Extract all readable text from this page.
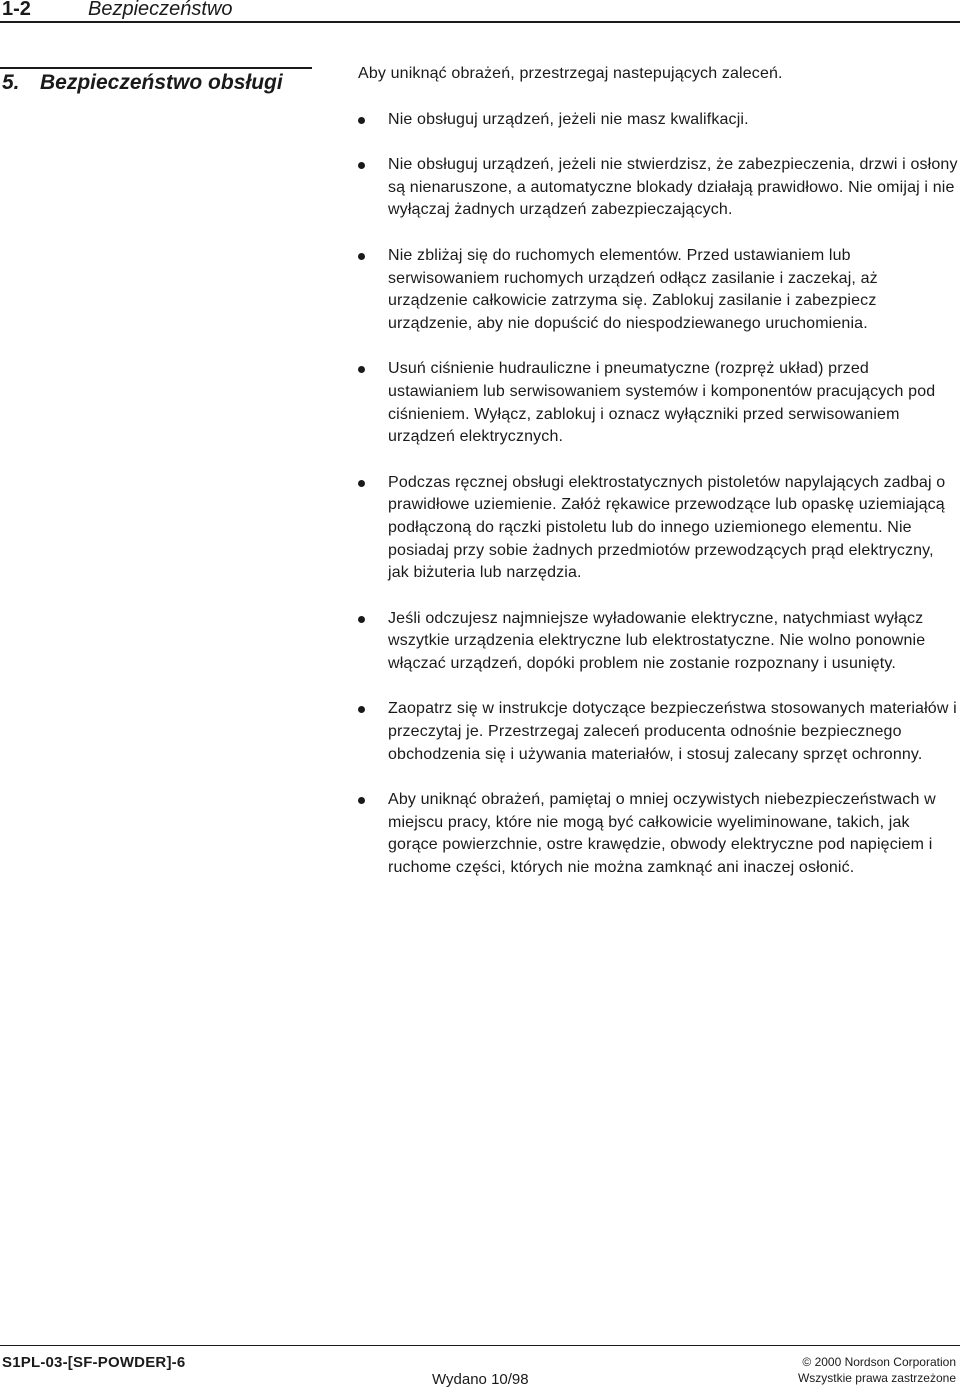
1-2	Bezpieczeństwo
5. Bezpieczeństwo obsługi	Aby uniknąć obrażeń, przestrzegaj nastepujących zaleceń.

Nie obsługuj urządzeń, jeżeli nie masz kwalifkacji.
Nie obsługuj urządzeń, jeżeli nie stwierdzisz, że zabezpieczenia, drzwi i osłony są nienaruszone, a automatyczne blokady działają prawidłowo. Nie omijaj i nie wyłączaj żadnych urządzeń zabezpieczających.
Nie zbliżaj się do ruchomych elementów. Przed ustawianiem lub serwisowaniem ruchomych urządzeń odłącz zasilanie i zaczekaj, aż urządzenie całkowicie zatrzyma się. Zablokuj zasilanie i zabezpiecz urządzenie, aby nie dopuścić do niespodziewanego uruchomienia.
Usuń ciśnienie hudrauliczne i pneumatyczne (rozpręż układ) przed ustawianiem lub serwisowaniem systemów i komponentów pracujących pod ciśnieniem. Wyłącz, zablokuj i oznacz wyłączniki przed serwisowaniem urządzeń elektrycznych.
Podczas ręcznej obsługi elektrostatycznych pistoletów napylających zadbaj o prawidłowe uziemienie. Załóż rękawice przewodzące lub opaskę uziemiającą podłączoną do rączki pistoletu lub do innego uziemionego elementu. Nie posiadaj przy sobie żadnych przedmiotów przewodzących prąd elektryczny, jak biżuteria lub narzędzia.
Jeśli odczujesz najmniejsze wyładowanie elektryczne, natychmiast wyłącz wszytkie urządzenia elektryczne lub elektrostatyczne. Nie wolno ponownie włączać urządzeń, dopóki problem nie zostanie rozpoznany i usunięty.
Zaopatrz się w instrukcje dotyczące bezpieczeństwa stosowanych materiałów i przeczytaj je. Przestrzegaj zaleceń producenta odnośnie bezpiecznego obchodzenia się i używania materiałów, i stosuj zalecany sprzęt ochronny.
Aby uniknąć obrażeń, pamiętaj o mniej oczywistych niebezpieczeństwach w miejscu pracy, które nie mogą być całkowicie wyeliminowane, takich, jak gorące powierzchnie, ostre krawędzie, obwody elektryczne pod napięciem i ruchome części, których nie można zamknąć ani inaczej osłonić.
S1PL-03-[SF-POWDER]-6
Wydano 10/98
© 2000 Nordson Corporation
Wszystkie prawa zastrzeżone
